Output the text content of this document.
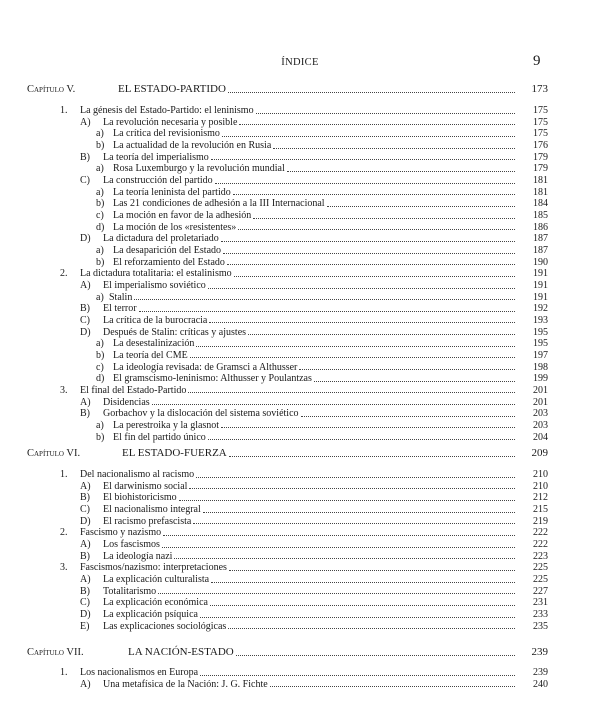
ÍNDICE	9
Capítulo V.	EL ESTADO-PARTIDO	173
1.	La génesis del Estado-Partido: el leninismo	175
A)	La revolución necesaria y posible	175
a) La crítica del revisionismo	175
b) La actualidad de la revolución en Rusia	176
B)	La teoría del imperialismo	179
a) Rosa Luxemburgo y la revolución mundial	179
C)	La construcción del partido	181
a) La teoría leninista del partido	181
b) Las 21 condiciones de adhesión a la III Internacional	184
c) La moción en favor de la adhesión	185
d) La moción de los «resistentes»	186
D)	La dictadura del proletariado	187
a) La desaparición del Estado	187
b) El reforzamiento del Estado	190
2.	La dictadura totalitaria: el estalinismo	191
A)	El imperialismo soviético	191
a) Stalin	191
B)	El terror	192
C)	La crítica de la burocracia	193
D)	Después de Stalin: críticas y ajustes	195
a) La desestalinización	195
b) La teoría del CME	197
c) La ideología revisada: de Gramsci a Althusser	198
d) El gramscismo-leninismo: Althusser y Poulantzas	199
3.	El final del Estado-Partido	201
A)	Disidencias	201
B)	Gorbachov y la dislocación del sistema soviético	203
a) La perestroika y la glasnot	203
b) El fin del partido único	204
Capítulo VI.	EL ESTADO-FUERZA	209
1.	Del nacionalismo al racismo	210
A)	El darwinismo social	210
B)	El biohistoricismo	212
C)	El nacionalismo integral	215
D)	El racismo prefascista	219
2.	Fascismo y nazismo	222
A)	Los fascismos	222
B)	La ideología nazi	223
3.	Fascismos/nazismo: interpretaciones	225
A)	La explicación culturalista	225
B)	Totalitarismo	227
C)	La explicación económica	231
D)	La explicación psíquica	233
E)	Las explicaciones sociológicas	235
Capítulo VII.	LA NACIÓN-ESTADO	239
1.	Los nacionalismos en Europa	239
A)	Una metafísica de la Nación: J. G. Fichte	240
